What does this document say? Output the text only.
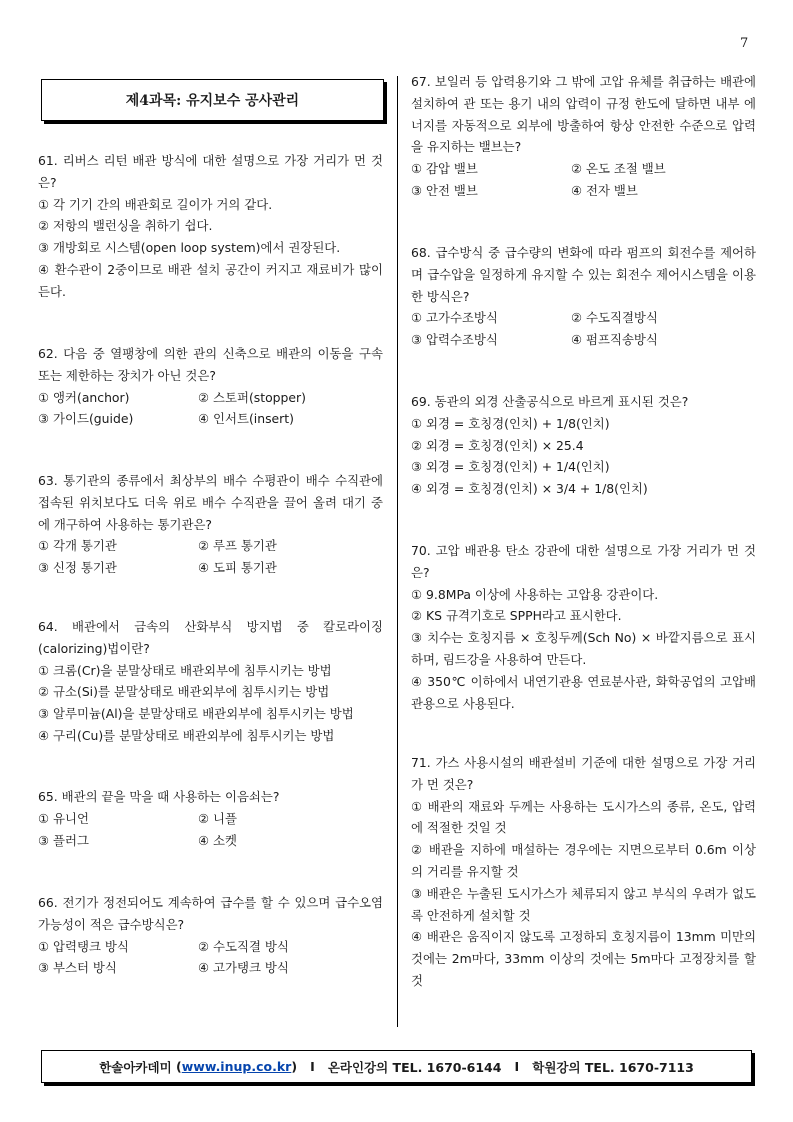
7
제4과목: 유지보수 공사관리

61. 리버스 리턴 배관 방식에 대한 설명으로 가장 거리가 먼 것은?

① 각 기기 간의 배관회로 길이가 거의 같다.

② 저항의 밸런싱을 취하기 쉽다.

③ 개방회로 시스템(open loop system)에서 권장된다.

④ 환수관이 2중이므로 배관 설치 공간이 커지고 재료비가 많이 든다.

62. 다음 중 열팽창에 의한 관의 신축으로 배관의 이동을 구속 또는 제한하는 장치가 아닌 것은?

① 앵커(anchor)	② 스토퍼(stopper)
③ 가이드(guide)	④ 인서트(insert)

63. 통기관의 종류에서 최상부의 배수 수평관이 배수 수직관에 접속된 위치보다도 더욱 위로 배수 수직관을 끌어 올려 대기 중에 개구하여 사용하는 통기관은?

① 각개 통기관	② 루프 통기관
③ 신정 통기관	④ 도피 통기관

64. 배관에서 금속의 산화부식 방지법 중 칼로라이징(calorizing)법이란?

① 크롬(Cr)을 분말상태로 배관외부에 침투시키는 방법

② 규소(Si)를 분말상태로 배관외부에 침투시키는 방법

③ 알루미늄(Al)을 분말상태로 배관외부에 침투시키는 방법

④ 구리(Cu)를 분말상태로 배관외부에 침투시키는 방법

65. 배관의 끝을 막을 때 사용하는 이음쇠는?

① 유니언	② 니플
③ 플러그	④ 소켓

66. 전기가 정전되어도 계속하여 급수를 할 수 있으며 급수오염 가능성이 적은 급수방식은?

① 압력탱크 방식	② 수도직결 방식
③ 부스터 방식	④ 고가탱크 방식

67. 보일러 등 압력용기와 그 밖에 고압 유체를 취급하는 배관에 설치하여 관 또는 용기 내의 압력이 규정 한도에 달하면 내부 에너지를 자동적으로 외부에 방출하여 항상 안전한 수준으로 압력을 유지하는 밸브는?

① 감압 밸브	② 온도 조절 밸브
③ 안전 밸브	④ 전자 밸브

68. 급수방식 중 급수량의 변화에 따라 펌프의 회전수를 제어하며 급수압을 일정하게 유지할 수 있는 회전수 제어시스템을 이용한 방식은?

① 고가수조방식	② 수도직결방식
③ 압력수조방식	④ 펌프직송방식

69. 동관의 외경 산출공식으로 바르게 표시된 것은?

① 외경 = 호칭경(인치) + 1/8(인치)

② 외경 = 호칭경(인치) × 25.4

③ 외경 = 호칭경(인치) + 1/4(인치)

④ 외경 = 호칭경(인치) × 3/4 + 1/8(인치)

70. 고압 배관용 탄소 강관에 대한 설명으로 가장 거리가 먼 것은?

① 9.8MPa 이상에 사용하는 고압용 강관이다.

② KS 규격기호로 SPPH라고 표시한다.

③ 치수는 호칭지름 × 호칭두께(Sch No) × 바깥지름으로 표시하며, 림드강을 사용하여 만든다.

④ 350℃ 이하에서 내연기관용 연료분사관, 화학공업의 고압배관용으로 사용된다.

71. 가스 사용시설의 배관설비 기준에 대한 설명으로 가장 거리가 먼 것은?

① 배관의 재료와 두께는 사용하는 도시가스의 종류, 온도, 압력에 적절한 것일 것

② 배관을 지하에 매설하는 경우에는 지면으로부터 0.6m 이상의 거리를 유지할 것

③ 배관은 누출된 도시가스가 체류되지 않고 부식의 우려가 없도록 안전하게 설치할 것

④ 배관은 움직이지 않도록 고정하되 호칭지름이 13mm 미만의 것에는 2m마다, 33mm 이상의 것에는 5m마다 고정장치를 할 것

한솔아카데미
( www.inup.co.kr )
I
온라인강의 TEL. 1670-6144
I
학원강의 TEL. 1670-7113
